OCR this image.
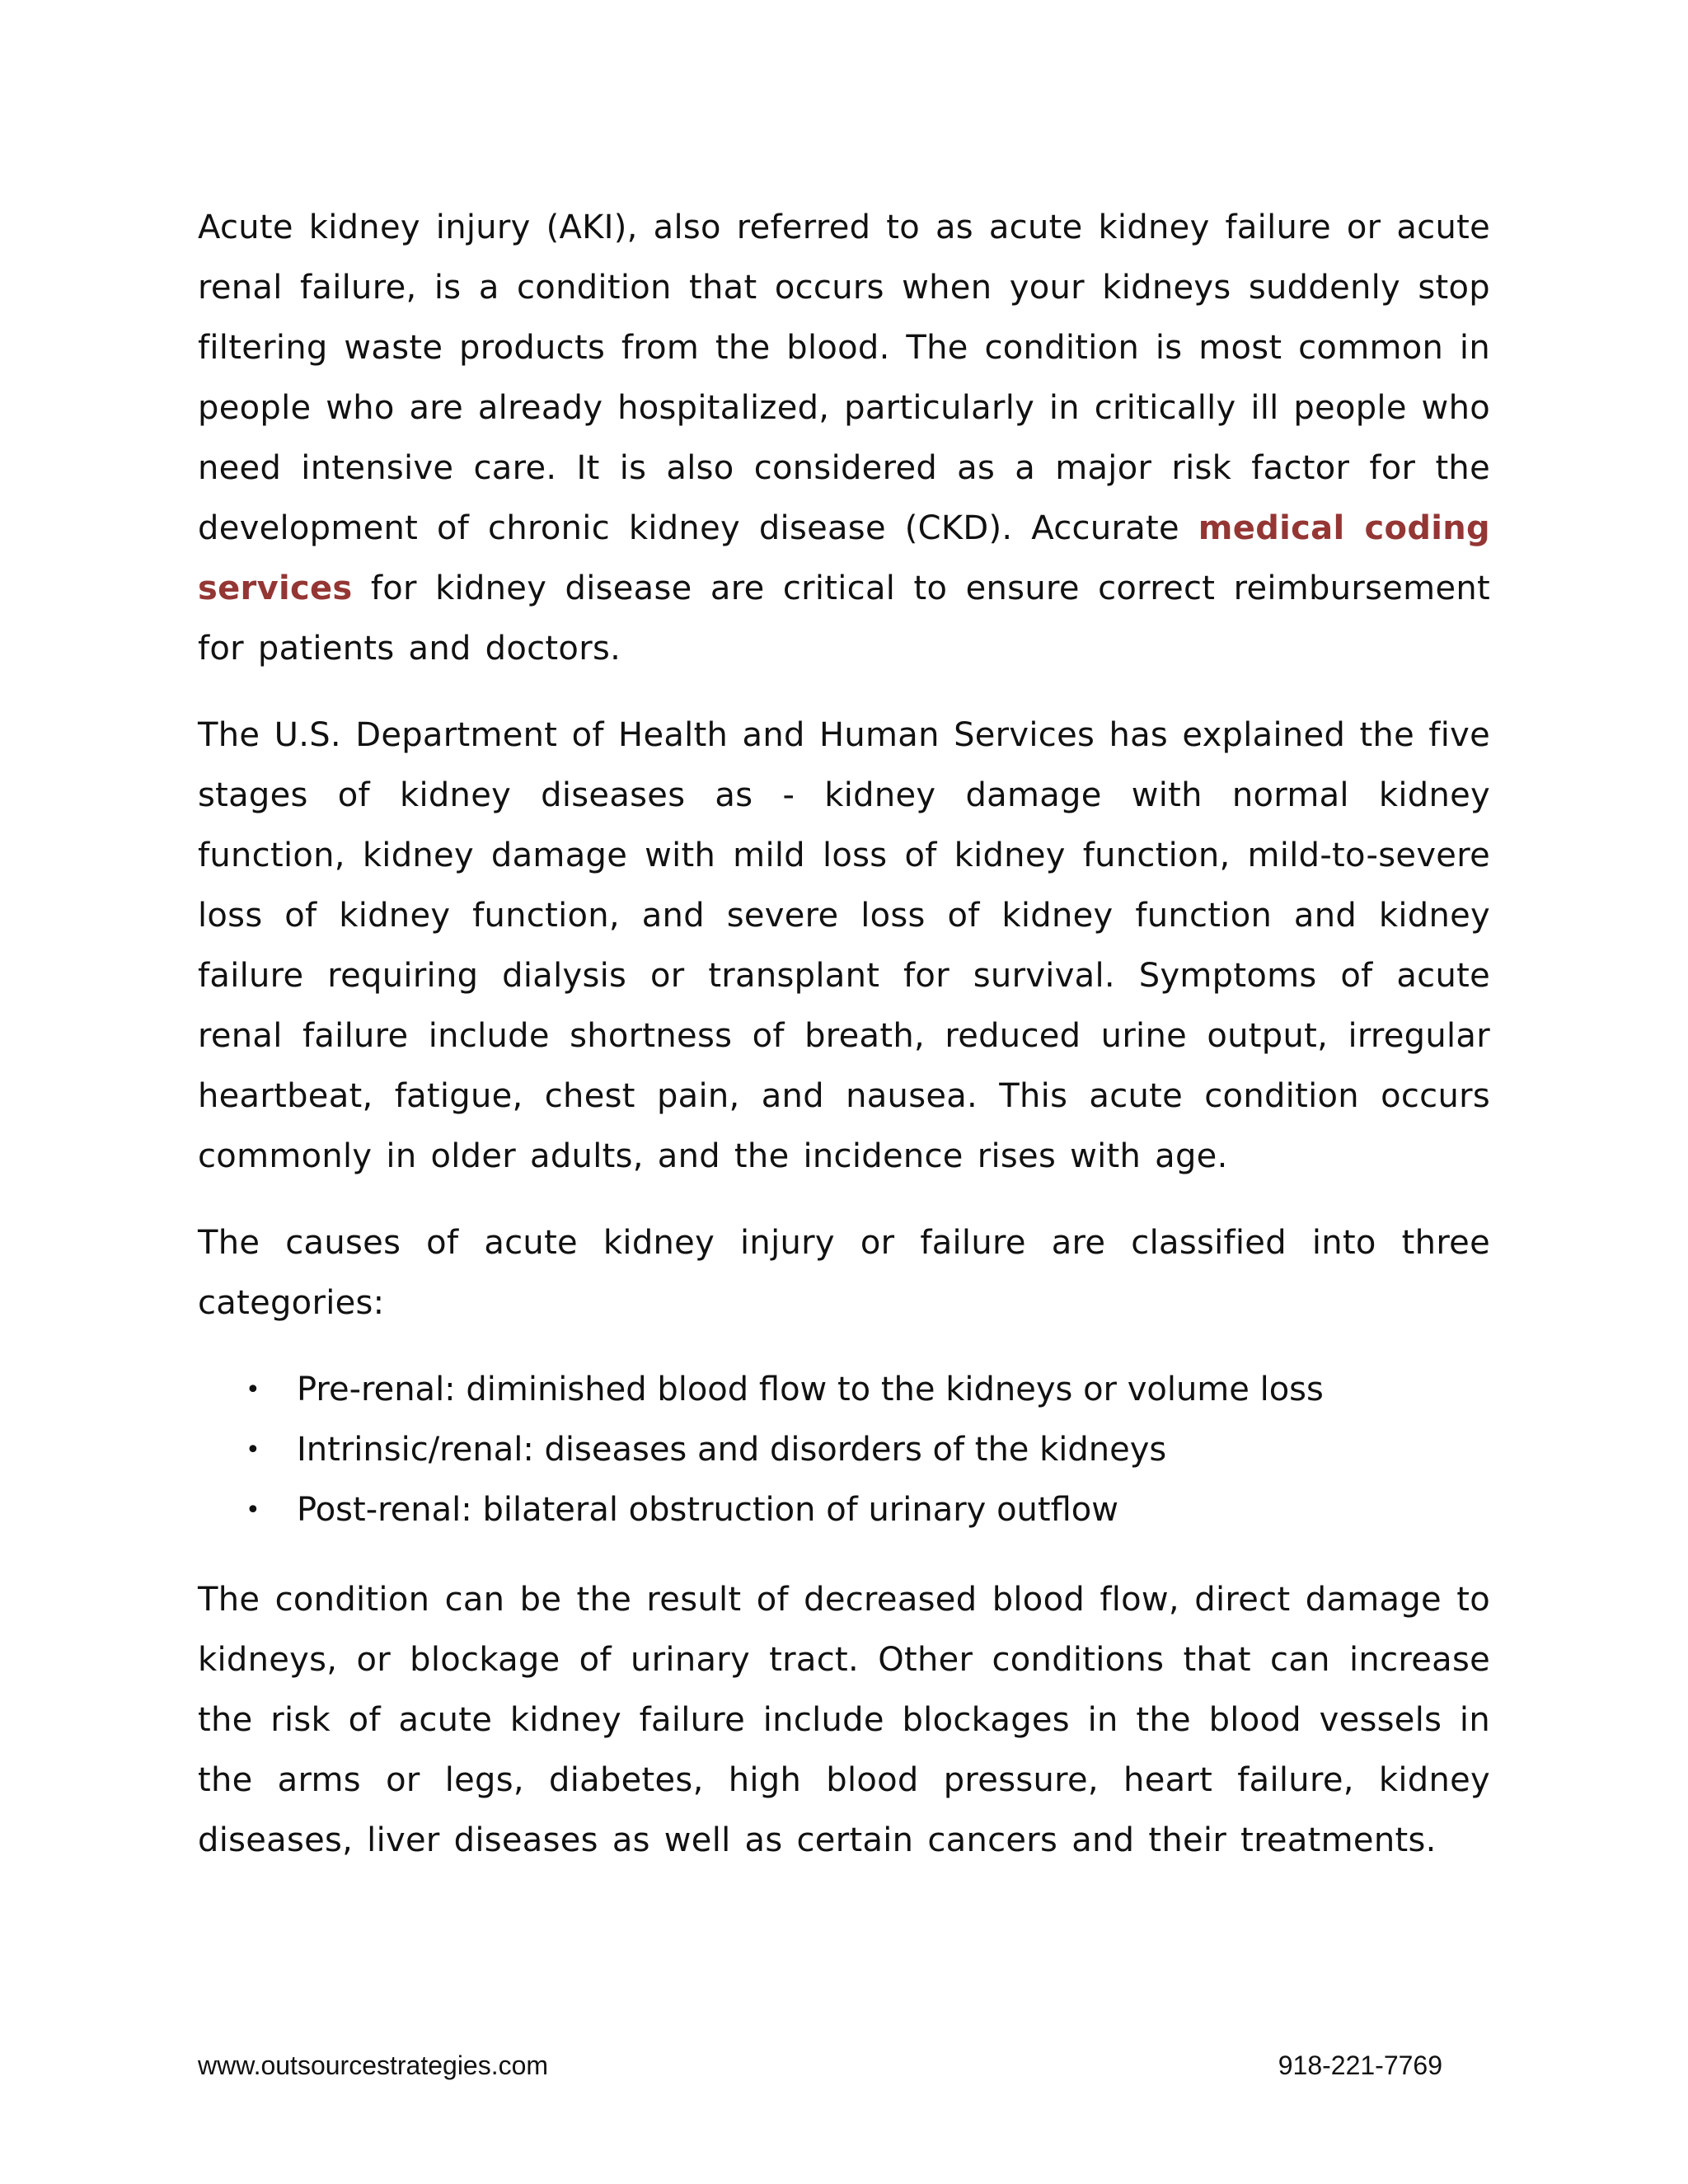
Acute kidney injury (AKI), also referred to as acute kidney failure or acute renal failure, is a condition that occurs when your kidneys suddenly stop filtering waste products from the blood. The condition is most common in people who are already hospitalized, particularly in critically ill people who need intensive care. It is also considered as a major risk factor for the development of chronic kidney disease (CKD). Accurate medical coding services for kidney disease are critical to ensure correct reimbursement for patients and doctors.

The U.S. Department of Health and Human Services has explained the five stages of kidney diseases as - kidney damage with normal kidney function, kidney damage with mild loss of kidney function, mild-to-severe loss of kidney function, and severe loss of kidney function and kidney failure requiring dialysis or transplant for survival. Symptoms of acute renal failure include shortness of breath, reduced urine output, irregular heartbeat, fatigue, chest pain, and nausea. This acute condition occurs commonly in older adults, and the incidence rises with age.

The causes of acute kidney injury or failure are classified into three categories:

• Pre-renal: diminished blood flow to the kidneys or volume loss
• Intrinsic/renal: diseases and disorders of the kidneys
• Post-renal: bilateral obstruction of urinary outflow

The condition can be the result of decreased blood flow, direct damage to kidneys, or blockage of urinary tract. Other conditions that can increase the risk of acute kidney failure include blockages in the blood vessels in the arms or legs, diabetes, high blood pressure, heart failure, kidney diseases, liver diseases as well as certain cancers and their treatments.

www.outsourcestrategies.com	918-221-7769
